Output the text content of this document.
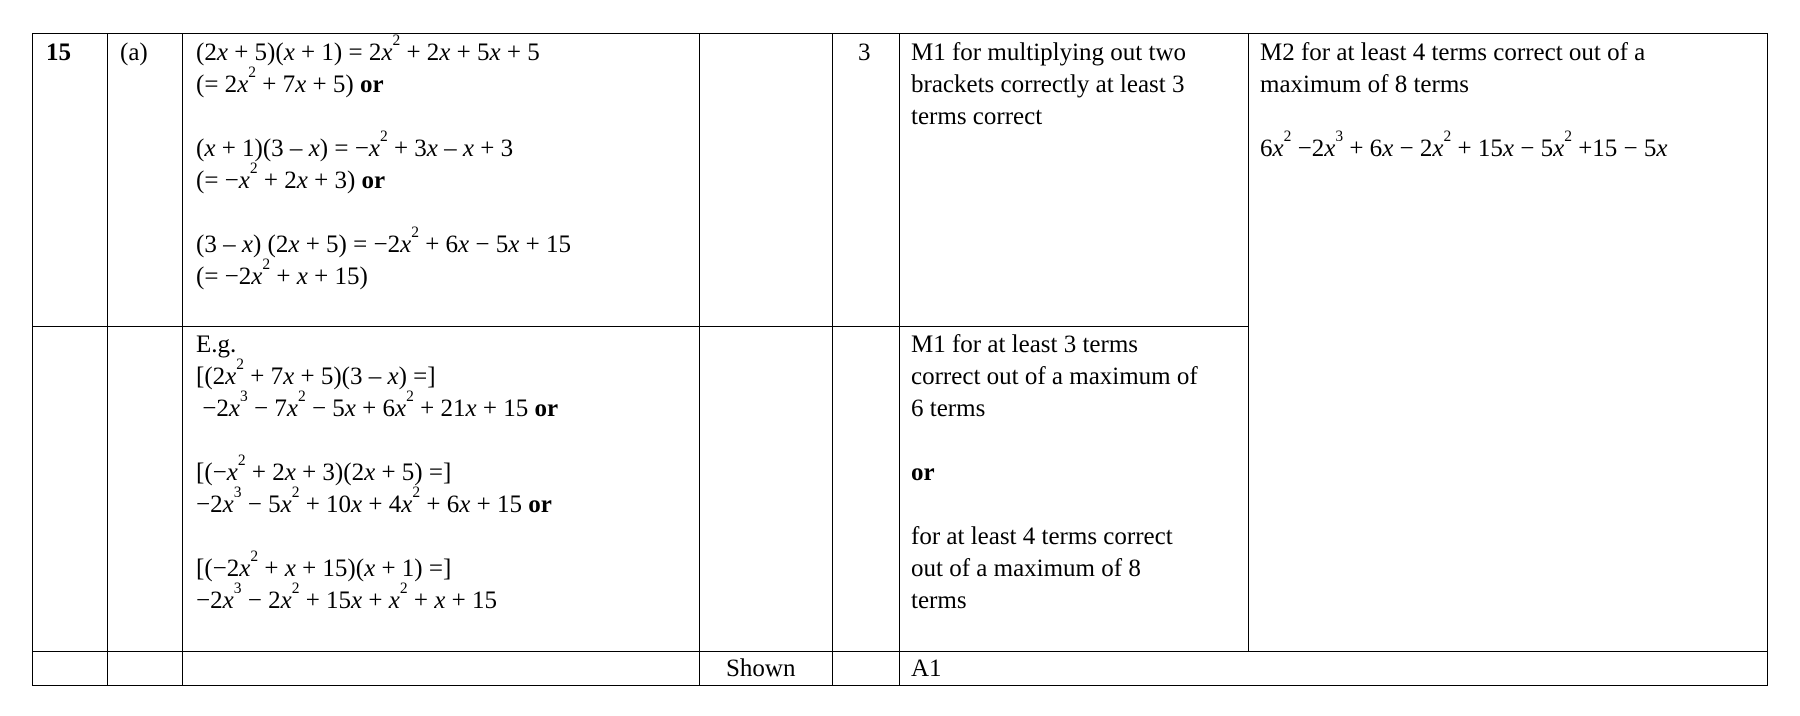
15 (a) $(2x + 5)(x + 1) = 2x^2 + 2x + 5x + 5$
(= $2x^2 + 7x + 5$) or
$(x + 1)(3 - x) = -x^2 + 3x - x + 3$
(= $-x^2 + 2x + 3$) or
(3 – x) $(2x + 5) = -2x^2 + 6x - 5x + 15$
(= $-2x^2 + x + 15$)
3 M1 for multiplying out two
brackets correctly at least 3
terms correct
M2 for at least 4 terms correct out of a
maximum of 8 terms
$6x^2 -2x^3 + 6x - 2x^2 + 15x - 5x^2 +15 - 5x$
E.g.
[$(2x^2 + 7x + 5)(3 - x)$ =]
$-2x^3 - 7x^2 - 5x + 6x^2 + 21x + 15$ or
[$(-x^2 + 2x + 3)(2x + 5)$ =]
$-2x^3 - 5x^2 + 10x + 4x^2 + 6x + 15$ or
[$(-2x^2 + x + 15)(x + 1)$ =]
$-2x^3 - 2x^2 + 15x + x^2 + x + 15$
M1 for at least 3 terms
correct out of a maximum of
6 terms
or
for at least 4 terms correct
out of a maximum of 8
terms
Shown	A1
